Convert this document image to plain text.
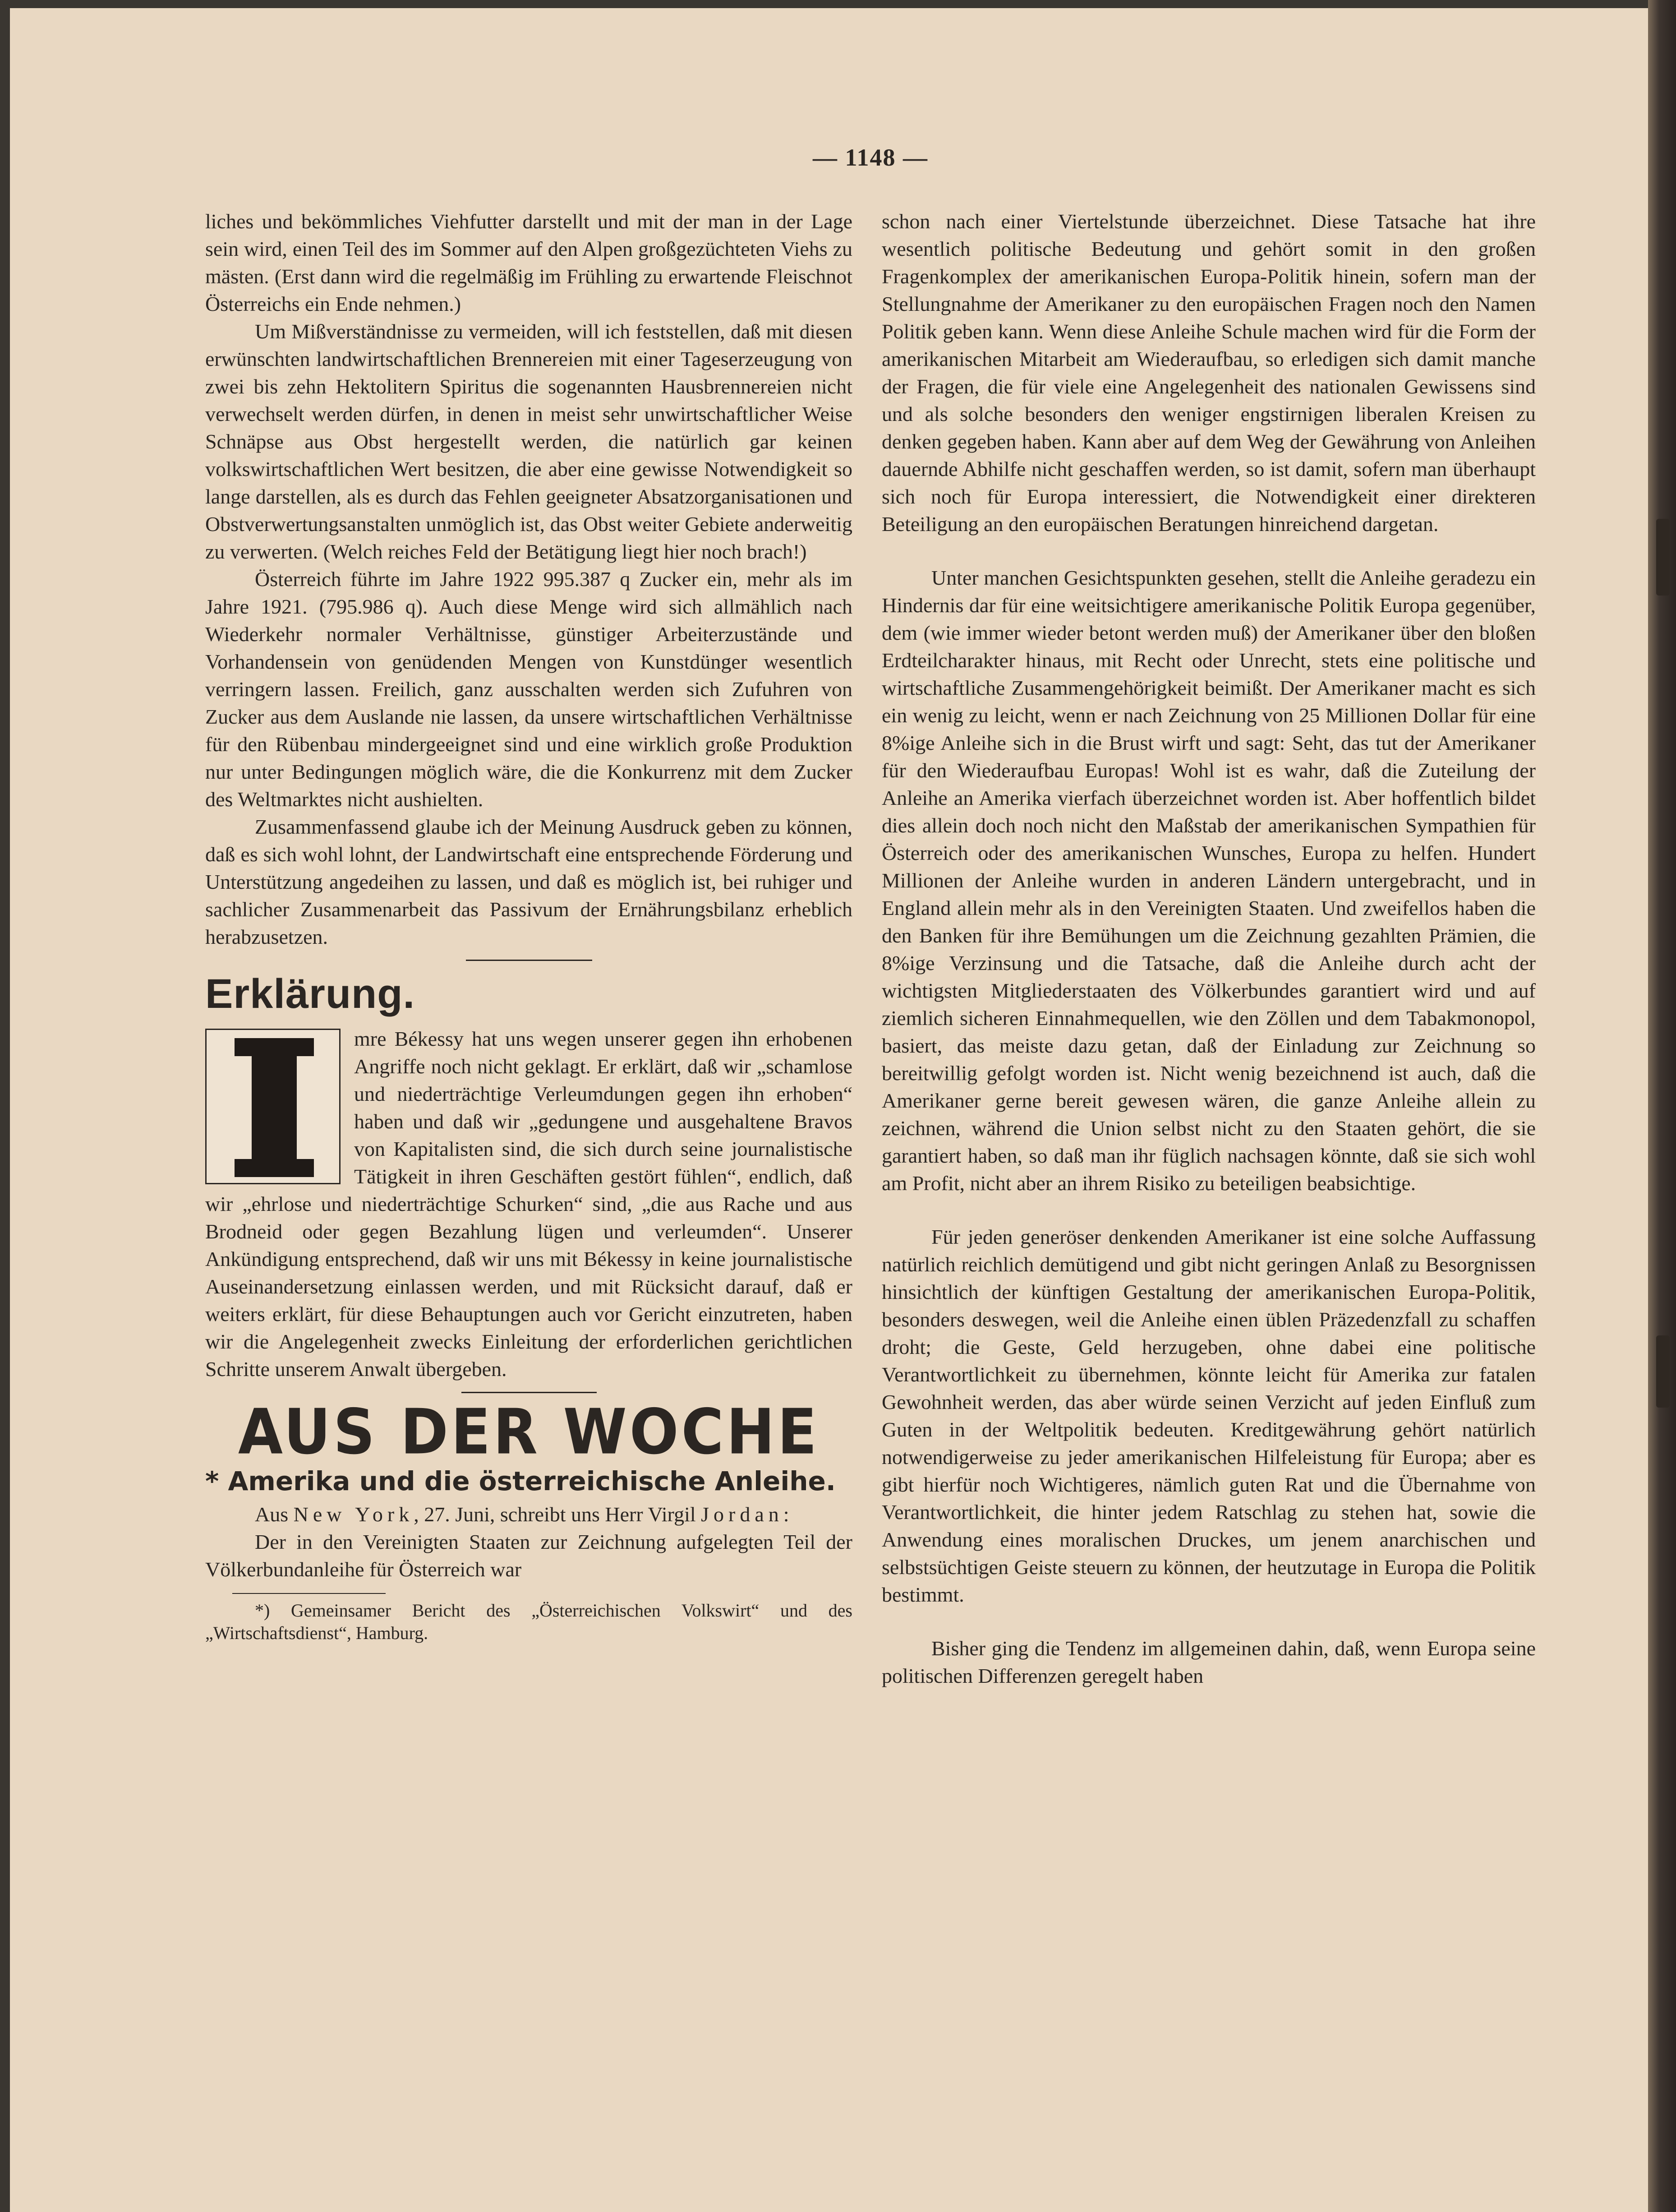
— 1148 —

liches und bekömmliches Viehfutter darstellt und mit der man in der Lage sein wird, einen Teil des im Sommer auf den Alpen großgezüchteten Viehs zu mästen. (Erst dann wird die regelmäßig im Frühling zu erwartende Fleischnot Österreichs ein Ende nehmen.)

Um Mißverständnisse zu vermeiden, will ich feststellen, daß mit diesen erwünschten landwirtschaftlichen Brennereien mit einer Tageserzeugung von zwei bis zehn Hektolitern Spiritus die sogenannten Hausbrennereien nicht verwechselt werden dürfen, in denen in meist sehr unwirtschaftlicher Weise Schnäpse aus Obst hergestellt werden, die natürlich gar keinen volkswirtschaftlichen Wert besitzen, die aber eine gewisse Notwendigkeit so lange darstellen, als es durch das Fehlen geeigneter Absatzorganisationen und Obstverwertungsanstalten unmöglich ist, das Obst weiter Gebiete anderweitig zu verwerten. (Welch reiches Feld der Betätigung liegt hier noch brach!)

Österreich führte im Jahre 1922 995.387 q Zucker ein, mehr als im Jahre 1921. (795.986 q). Auch diese Menge wird sich allmählich nach Wiederkehr normaler Verhältnisse, günstiger Arbeiterzustände und Vorhandensein von genüdenden Mengen von Kunstdünger wesentlich verringern lassen. Freilich, ganz ausschalten werden sich Zufuhren von Zucker aus dem Auslande nie lassen, da unsere wirtschaftlichen Verhältnisse für den Rübenbau mindergeeignet sind und eine wirklich große Produktion nur unter Bedingungen möglich wäre, die die Konkurrenz mit dem Zucker des Weltmarktes nicht aushielten.

Zusammenfassend glaube ich der Meinung Ausdruck geben zu können, daß es sich wohl lohnt, der Landwirtschaft eine entsprechende Förderung und Unterstützung angedeihen zu lassen, und daß es möglich ist, bei ruhiger und sachlicher Zusammenarbeit das Passivum der Ernährungsbilanz erheblich herabzusetzen.

Erklärung.

mre Békessy hat uns wegen unserer gegen ihn erhobenen Angriffe noch nicht geklagt. Er erklärt, daß wir „schamlose und niederträchtige Verleumdungen gegen ihn erhoben“ haben und daß wir „gedungene und ausgehaltene Bravos von Kapitalisten sind, die sich durch seine journalistische Tätigkeit in ihren Geschäften gestört fühlen“, endlich, daß wir „ehrlose und niederträchtige Schurken“ sind, „die aus Rache und aus Brodneid oder gegen Bezahlung lügen und verleumden“. Unserer Ankündigung entsprechend, daß wir uns mit Békessy in keine journalistische Auseinandersetzung einlassen werden, und mit Rücksicht darauf, daß er weiters erklärt, für diese Behauptungen auch vor Gericht einzutreten, haben wir die Angelegenheit zwecks Einleitung der erforderlichen gerichtlichen Schritte unserem Anwalt übergeben.

AUS DER WOCHE
* Amerika und die österreichische Anleihe.

Aus New York, 27. Juni, schreibt uns Herr Virgil Jordan:

Der in den Vereinigten Staaten zur Zeichnung aufgelegten Teil der Völkerbundanleihe für Österreich war

*) Gemeinsamer Bericht des „Österreichischen Volkswirt“ und des „Wirtschaftsdienst“, Hamburg.

schon nach einer Viertelstunde überzeichnet. Diese Tatsache hat ihre wesentlich politische Bedeutung und gehört somit in den großen Fragenkomplex der amerikanischen Europa-Politik hinein, sofern man der Stellungnahme der Amerikaner zu den europäischen Fragen noch den Namen Politik geben kann. Wenn diese Anleihe Schule machen wird für die Form der amerikanischen Mitarbeit am Wiederaufbau, so erledigen sich damit manche der Fragen, die für viele eine Angelegenheit des nationalen Gewissens sind und als solche besonders den weniger engstirnigen liberalen Kreisen zu denken gegeben haben. Kann aber auf dem Weg der Gewährung von Anleihen dauernde Abhilfe nicht geschaffen werden, so ist damit, sofern man überhaupt sich noch für Europa interessiert, die Notwendigkeit einer direkteren Beteiligung an den europäischen Beratungen hinreichend dargetan.

Unter manchen Gesichtspunkten gesehen, stellt die Anleihe geradezu ein Hindernis dar für eine weitsichtigere amerikanische Politik Europa gegenüber, dem (wie immer wieder betont werden muß) der Amerikaner über den bloßen Erdteilcharakter hinaus, mit Recht oder Unrecht, stets eine politische und wirtschaftliche Zusammengehörigkeit beimißt. Der Amerikaner macht es sich ein wenig zu leicht, wenn er nach Zeichnung von 25 Millionen Dollar für eine 8%ige Anleihe sich in die Brust wirft und sagt: Seht, das tut der Amerikaner für den Wiederaufbau Europas! Wohl ist es wahr, daß die Zuteilung der Anleihe an Amerika vierfach überzeichnet worden ist. Aber hoffentlich bildet dies allein doch noch nicht den Maßstab der amerikanischen Sympathien für Österreich oder des amerikanischen Wunsches, Europa zu helfen. Hundert Millionen der Anleihe wurden in anderen Ländern untergebracht, und in England allein mehr als in den Vereinigten Staaten. Und zweifellos haben die den Banken für ihre Bemühungen um die Zeichnung gezahlten Prämien, die 8%ige Verzinsung und die Tatsache, daß die Anleihe durch acht der wichtigsten Mitgliederstaaten des Völkerbundes garantiert wird und auf ziemlich sicheren Einnahmequellen, wie den Zöllen und dem Tabakmonopol, basiert, das meiste dazu getan, daß der Einladung zur Zeichnung so bereitwillig gefolgt worden ist. Nicht wenig bezeichnend ist auch, daß die Amerikaner gerne bereit gewesen wären, die ganze Anleihe allein zu zeichnen, während die Union selbst nicht zu den Staaten gehört, die sie garantiert haben, so daß man ihr füglich nachsagen könnte, daß sie sich wohl am Profit, nicht aber an ihrem Risiko zu beteiligen beabsichtige.

Für jeden generöser denkenden Amerikaner ist eine solche Auffassung natürlich reichlich demütigend und gibt nicht geringen Anlaß zu Besorgnissen hinsichtlich der künftigen Gestaltung der amerikanischen Europa-Politik, besonders deswegen, weil die Anleihe einen üblen Präzedenzfall zu schaffen droht; die Geste, Geld herzugeben, ohne dabei eine politische Verantwortlichkeit zu übernehmen, könnte leicht für Amerika zur fatalen Gewohnheit werden, das aber würde seinen Verzicht auf jeden Einfluß zum Guten in der Weltpolitik bedeuten. Kreditgewährung gehört natürlich notwendigerweise zu jeder amerikanischen Hilfeleistung für Europa; aber es gibt hierfür noch Wichtigeres, nämlich guten Rat und die Übernahme von Verantwortlichkeit, die hinter jedem Ratschlag zu stehen hat, sowie die Anwendung eines moralischen Druckes, um jenem anarchischen und selbstsüchtigen Geiste steuern zu können, der heutzutage in Europa die Politik bestimmt.

Bisher ging die Tendenz im allgemeinen dahin, daß, wenn Europa seine politischen Differenzen geregelt haben
